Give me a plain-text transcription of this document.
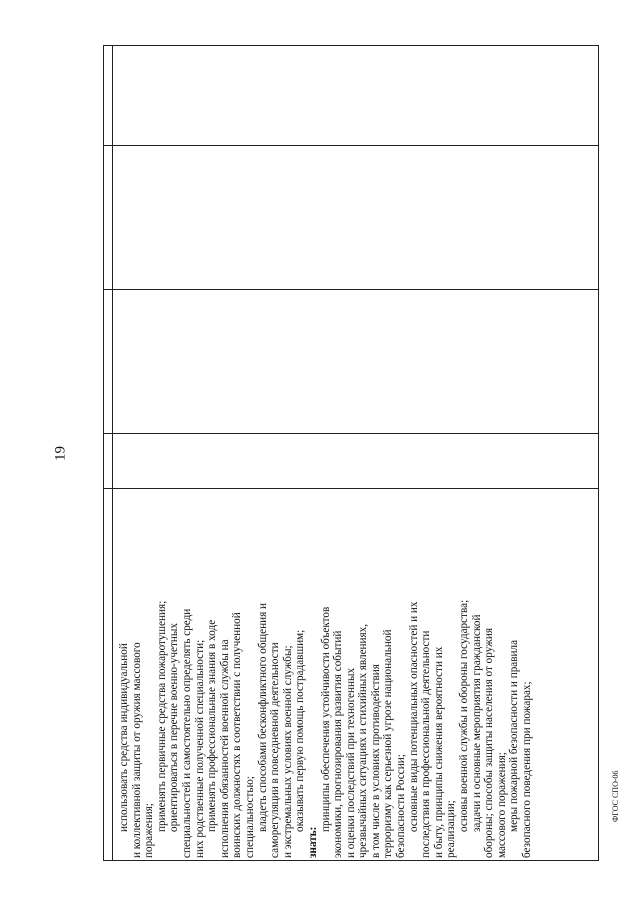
19

использовать средства индивидуальной и коллективной защиты от оружия массового поражения; применять первичные средства пожаротушения; ориентироваться в перечне военно-учетных специальностей и самостоятельно определять среди них родственные полученной специальности; применять профессиональные знания в ходе исполнения обязанностей военной службы на воинских должностях в соответствии с полученной специальностью; владеть способами бесконфликтного общения и саморегуляции в повседневной деятельности и экстремальных условиях военной службы; оказывать первую помощь пострадавшим;

знать:

принципы обеспечения устойчивости объектов экономики, прогнозирования развития событий и оценки последствий при техногенных чрезвычайных ситуациях и стихийных явлениях, в том числе в условиях противодействия терроризму как серьезной угрозе национальной безопасности России; основные виды потенциальных опасностей и их последствия в профессиональной деятельности и быту, принципы снижения вероятности их реализации; основы военной службы и обороны государства; задачи и основные мероприятия гражданской обороны; способы защиты населения от оружия массового поражения; меры пожарной безопасности и правила безопасного поведения при пожарах;	ФГОС СПО-06
